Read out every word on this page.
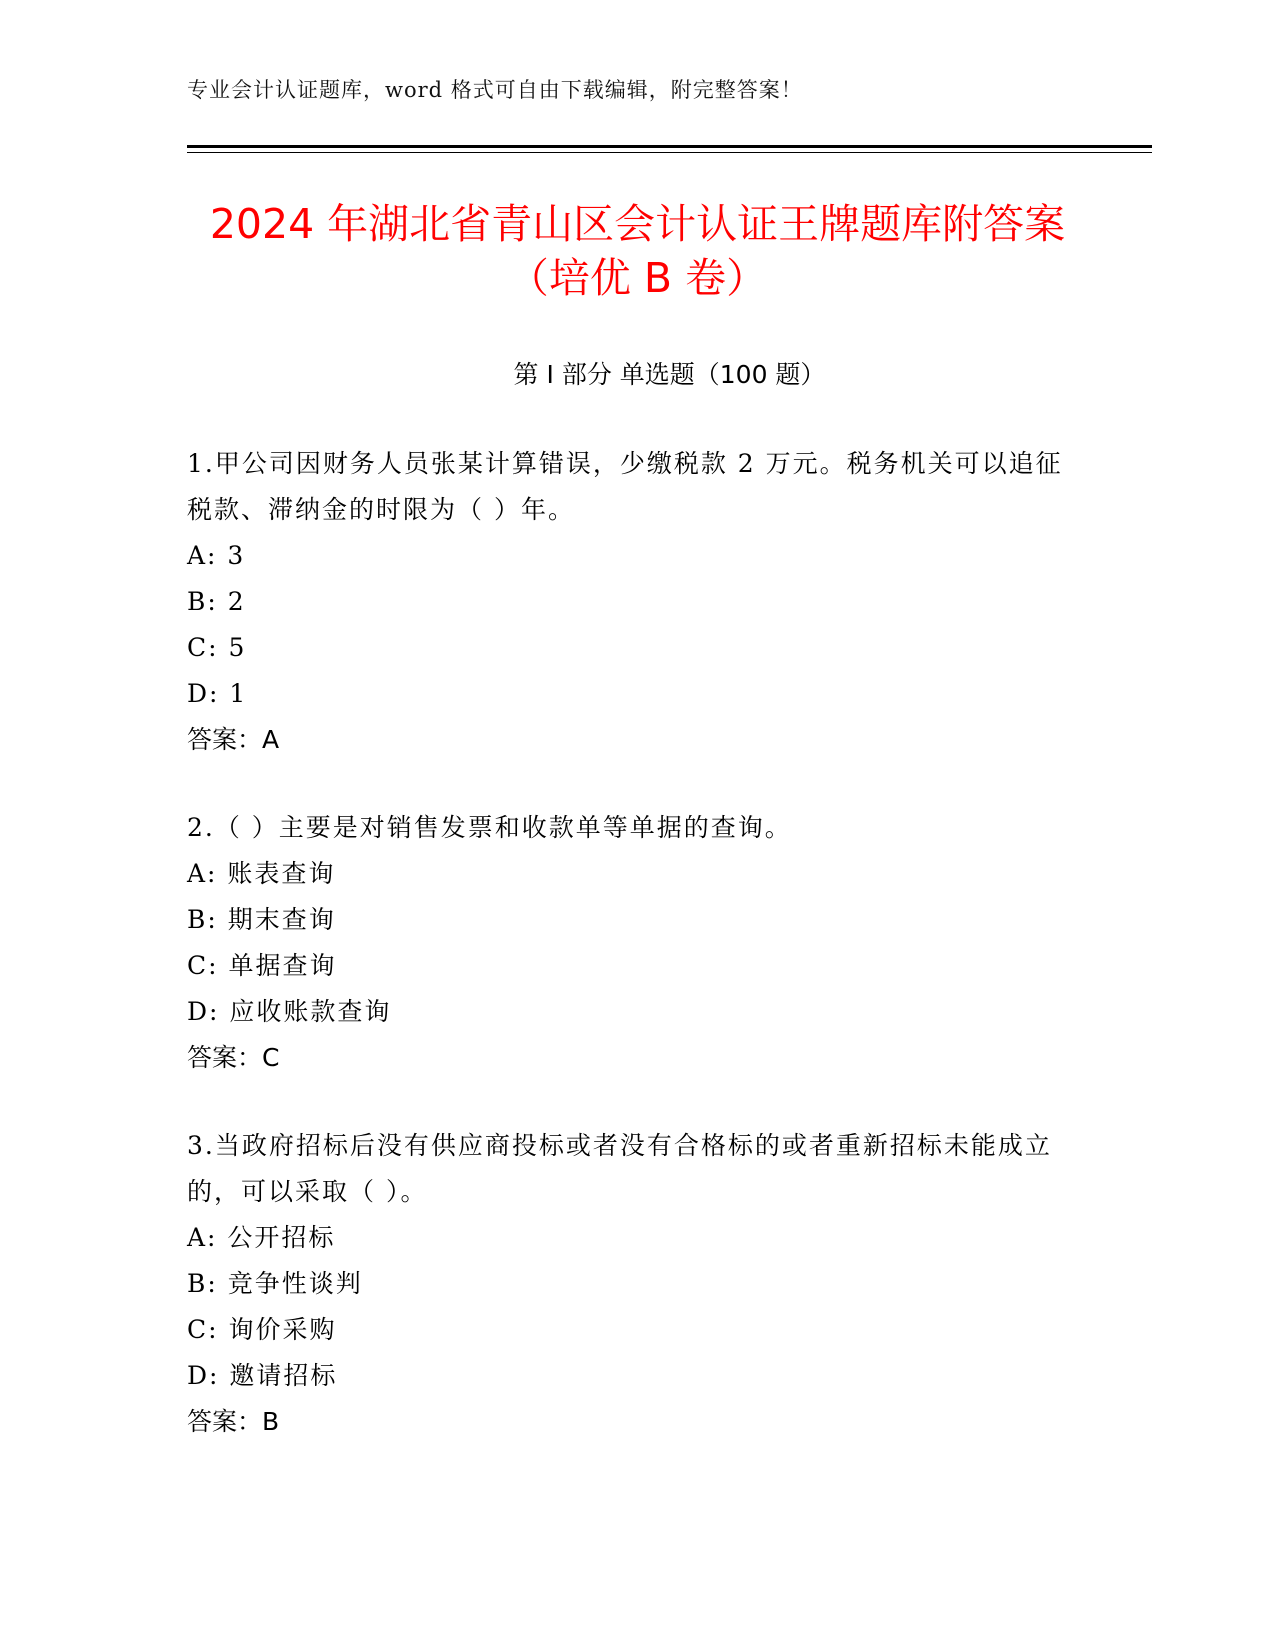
专业会计认证题库，word 格式可自由下载编辑，附完整答案！
2024 年湖北省青山区会计认证王牌题库附答案（培优 B 卷）
第 I 部分 单选题（100 题）

1.甲公司因财务人员张某计算错误，少缴税款 2 万元。税务机关可以追征税款、滞纳金的时限为（ ）年。

A: 3

B: 2

C: 5

D: 1

答案：A

2.（ ）主要是对销售发票和收款单等单据的查询。

A: 账表查询

B: 期末查询

C: 单据查询

D: 应收账款查询

答案：C

3.当政府招标后没有供应商投标或者没有合格标的或者重新招标未能成立的，可以采取（ ）。

A: 公开招标

B: 竞争性谈判

C: 询价采购

D: 邀请招标

答案：B
